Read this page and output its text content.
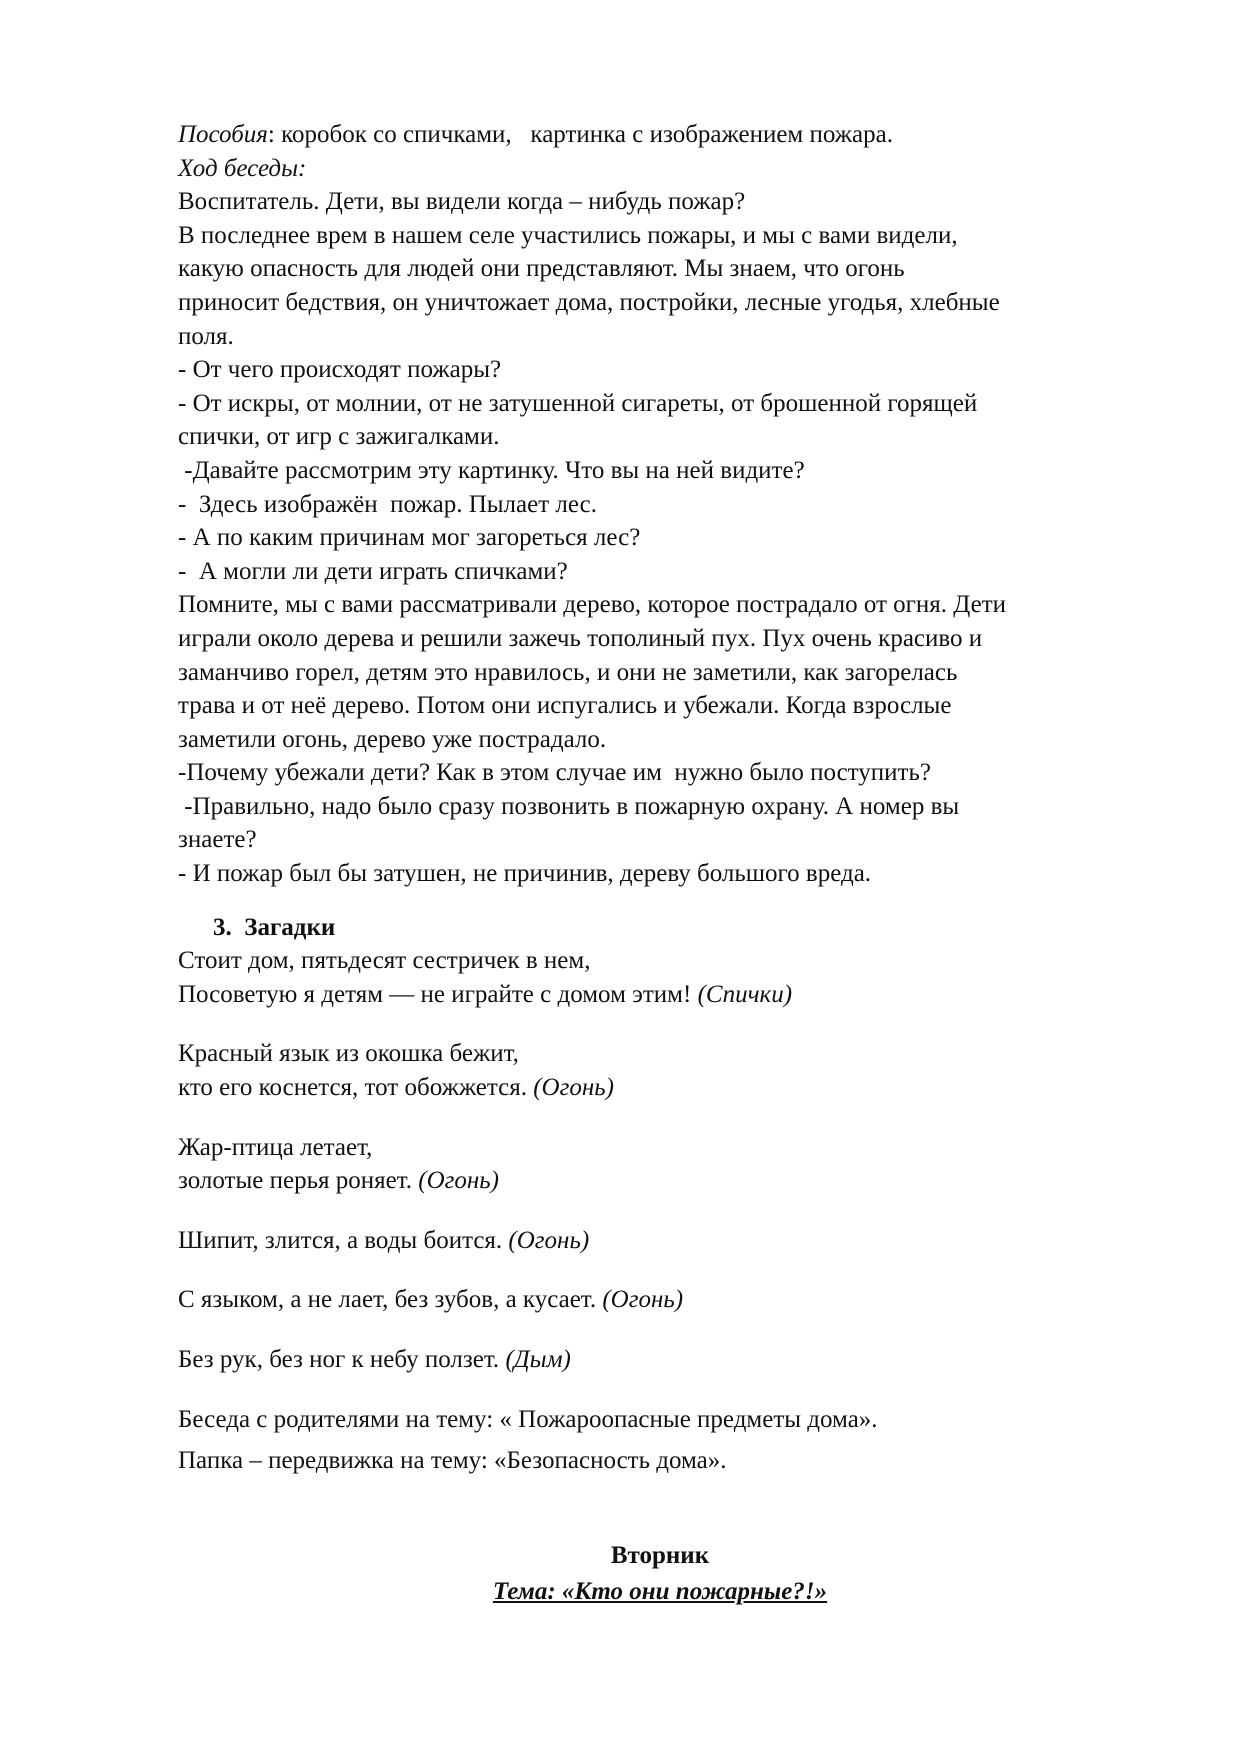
Пособия: коробок со спичками,   картинка с изображением пожара.
Ход беседы:
Воспитатель. Дети, вы видели когда – нибудь пожар?
В последнее врем в нашем селе участились пожары, и мы с вами видели,
какую опасность для людей они представляют. Мы знаем, что огонь
приносит бедствия, он уничтожает дома, постройки, лесные угодья, хлебные
поля.
- От чего происходят пожары?
- От искры, от молнии, от не затушенной сигареты, от брошенной горящей
спички, от игр с зажигалками.
-Давайте рассмотрим эту картинку. Что вы на ней видите?
-  Здесь изображён  пожар. Пылает лес.
- А по каким причинам мог загореться лес?
-  А могли ли дети играть спичками?
Помните, мы с вами рассматривали дерево, которое пострадало от огня. Дети
играли около дерева и решили зажечь тополиный пух. Пух очень красиво и
заманчиво горел, детям это нравилось, и они не заметили, как загорелась
трава и от неё дерево. Потом они испугались и убежали. Когда взрослые
заметили огонь, дерево уже пострадало.
-Почему убежали дети? Как в этом случае им  нужно было поступить?
-Правильно, надо было сразу позвонить в пожарную охрану. А номер вы
знаете?
- И пожар был бы затушен, не причинив, дереву большого вреда.
3. Загадки
Стоит дом, пятьдесят сестричек в нем,
Посоветую я детям — не играйте с домом этим! (Спички)
Красный язык из окошка бежит,
кто его коснется, тот обожжется. (Огонь)
Жар-птица летает,
золотые перья роняет. (Огонь)
Шипит, злится, а воды боится. (Огонь)
С языком, а не лает, без зубов, а кусает. (Огонь)
Без рук, без ног к небу ползет. (Дым)
Беседа с родителями на тему: « Пожароопасные предметы дома».
Папка – передвижка на тему: «Безопасность дома».
Вторник
Тема: «Кто они пожарные?!»
